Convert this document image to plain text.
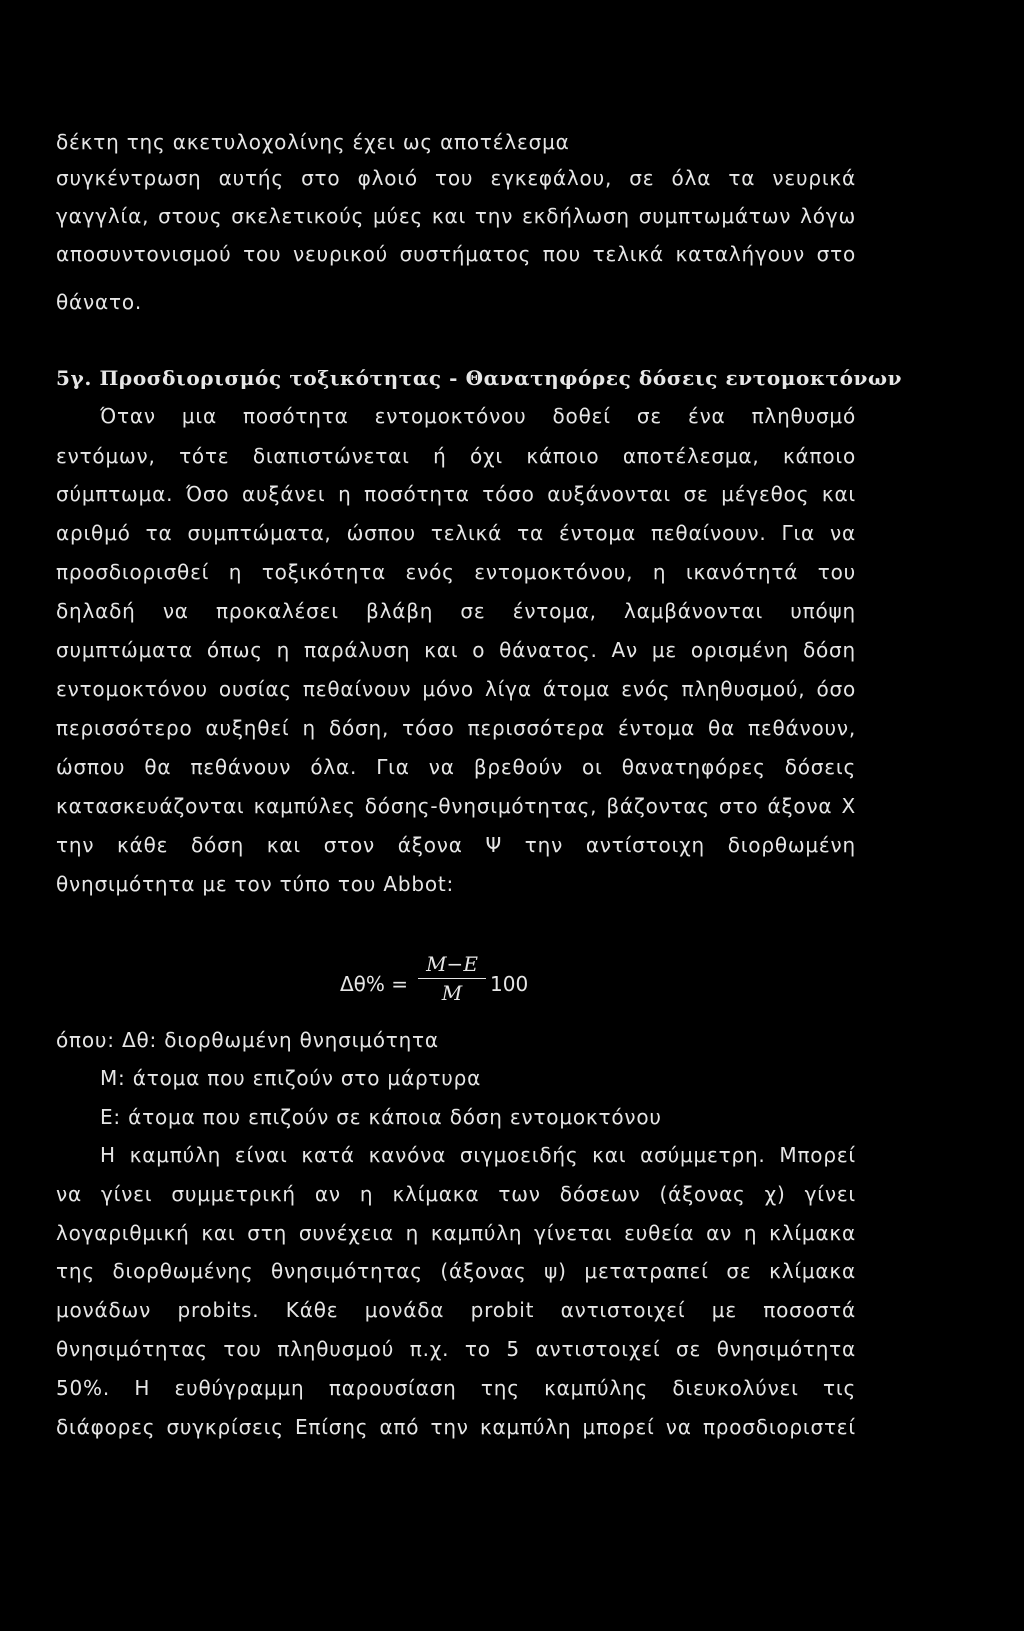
δέκτη της ακετυλοχολίνης έχει ως αποτέλεσμα
συγκέντρωση αυτής στο φλοιό του εγκεφάλου, σε όλα τα νευρικά
γαγγλία, στους σκελετικούς μύες και την εκδήλωση συμπτωμάτων λόγω
αποσυντονισμού του νευρικού συστήματος που τελικά καταλήγουν στο
θάνατο.
5γ. Προσδιορισμός τοξικότητας - Θανατηφόρες δόσεις εντομοκτόνων
Όταν μια ποσότητα εντομοκτόνου δοθεί σε ένα πληθυσμό
εντόμων, τότε διαπιστώνεται ή όχι κάποιο αποτέλεσμα, κάποιο
σύμπτωμα. Όσο αυξάνει η ποσότητα τόσο αυξάνονται σε μέγεθος και
αριθμό τα συμπτώματα, ώσπου τελικά τα έντομα πεθαίνουν. Για να
προσδιορισθεί η τοξικότητα ενός εντομοκτόνου, η ικανότητά του
δηλαδή να προκαλέσει βλάβη σε έντομα, λαμβάνονται υπόψη
συμπτώματα όπως η παράλυση και ο θάνατος. Αν με ορισμένη δόση
εντομοκτόνου ουσίας πεθαίνουν μόνο λίγα άτομα ενός πληθυσμού, όσο
περισσότερο αυξηθεί η δόση, τόσο περισσότερα έντομα θα πεθάνουν,
ώσπου θα πεθάνουν όλα. Για να βρεθούν οι θανατηφόρες δόσεις
κατασκευάζονται καμπύλες δόσης-θνησιμότητας, βάζοντας στο άξονα Χ
την κάθε δόση και στον άξονα Ψ την αντίστοιχη διορθωμένη
θνησιμότητα με τον τύπο του Abbot:
Δθ% =
M−E
M	100
όπου: Δθ: διορθωμένη θνησιμότητα
Μ: άτομα που επιζούν στο μάρτυρα
Ε: άτομα που επιζούν σε κάποια δόση εντομοκτόνου
Η καμπύλη είναι κατά κανόνα σιγμοειδής και ασύμμετρη. Μπορεί
να γίνει συμμετρική αν η κλίμακα των δόσεων (άξονας χ) γίνει
λογαριθμική και στη συνέχεια η καμπύλη γίνεται ευθεία αν η κλίμακα
της διορθωμένης θνησιμότητας (άξονας ψ) μετατραπεί σε κλίμακα
μονάδων probits. Κάθε μονάδα probit αντιστοιχεί με ποσοστά
θνησιμότητας του πληθυσμού π.χ. το 5 αντιστοιχεί σε θνησιμότητα
50%. Η ευθύγραμμη παρουσίαση της καμπύλης διευκολύνει τις
διάφορες συγκρίσεις Επίσης από την καμπύλη μπορεί να προσδιοριστεί
